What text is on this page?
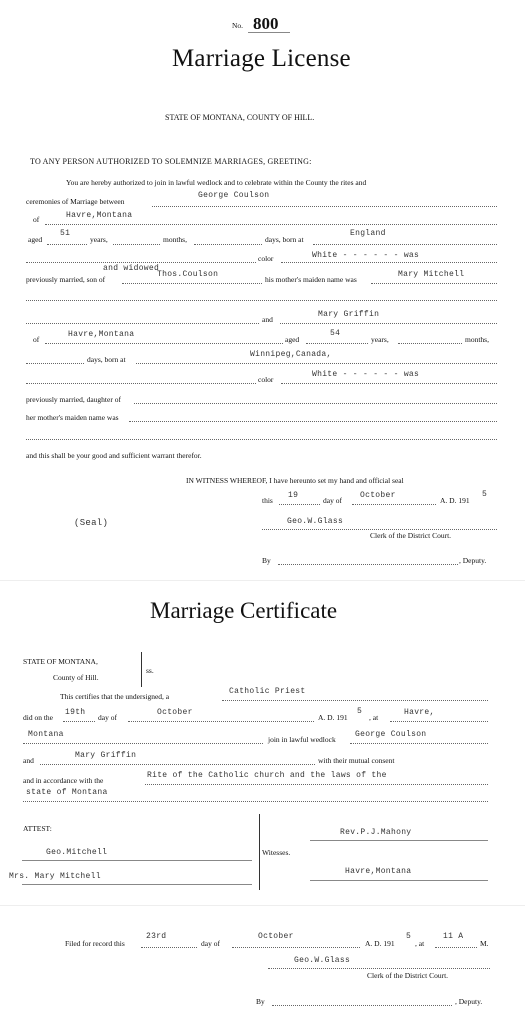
No. 800
Marriage License
STATE OF MONTANA, COUNTY OF HILL.
TO ANY PERSON AUTHORIZED TO SOLEMNIZE MARRIAGES, GREETING:
You are hereby authorized to join in lawful wedlock and to celebrate within the County the rites and
ceremonies of Marriage between
George Coulson
of	Havre,Montana
aged
51
years,	months,	days, born at
England
color	White - - - - - - was
and widowed
previously married, son of
Thos.Coulson
his mother's maiden name was
Mary Mitchell
and
Mary Griffin
of
Havre,Montana
aged
54
years,	months,
days, born at
Winnipeg,Canada,
color
White - - - - - - was
previously married, daughter of
her mother's maiden name was
and this shall be your good and sufficient warrant therefor.
IN WITNESS WHEREOF, I have hereunto set my hand and official seal
this
19
day of
October
A. D. 191
5
(Seal)	Geo.W.Glass
Clerk of the District Court.
By	, Deputy.
Marriage Certificate
STATE OF MONTANA,
County of Hill.
ss.
This certifies that the undersigned, a
Catholic Priest
did on the
19th
day of
October
A. D. 191
5
, at
Havre,
Montana
join in lawful wedlock
George Coulson
and
Mary Griffin
with their mutual consent
and in accordance with the
Rite of the Catholic church and the laws of the
state of Montana
ATTEST:
Geo.Mitchell
Mrs. Mary Mitchell
Witesses.
Rev.P.J.Mahony
Havre,Montana
Filed for record this
23rd
day of
October
A. D. 191
5
, at
11 A
M.
Geo.W.Glass
Clerk of the District Court.
By	, Deputy.
